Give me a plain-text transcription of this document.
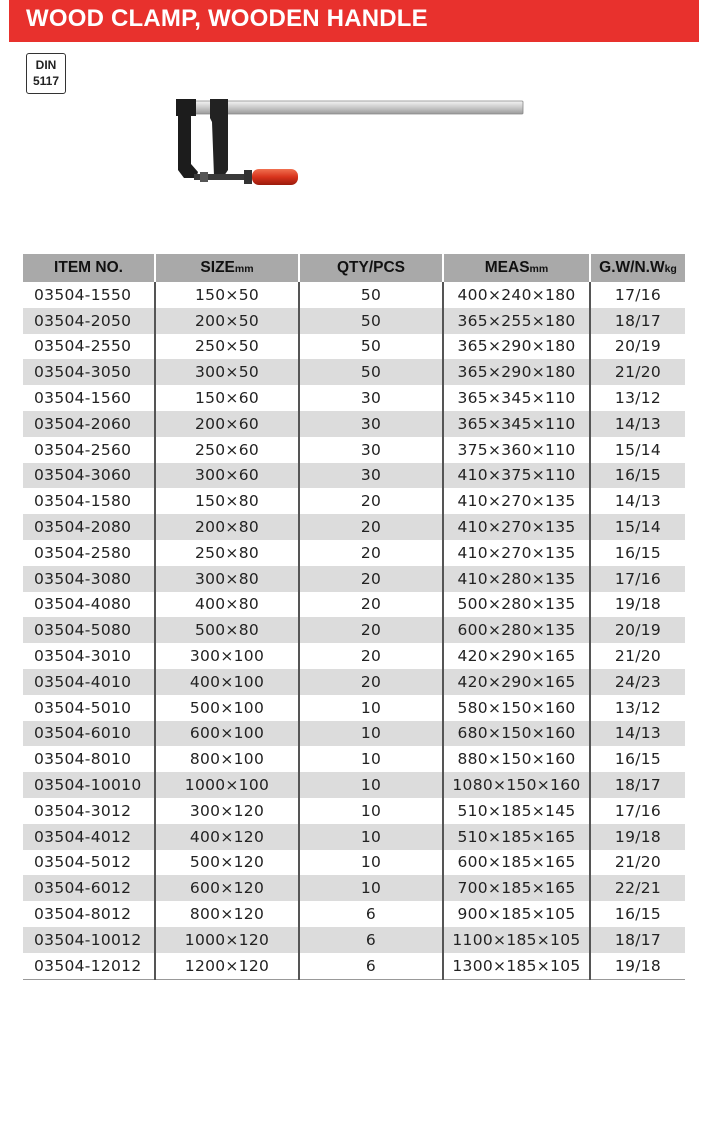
WOOD CLAMP, WOODEN HANDLE
DIN
5117
ITEM NO.	SIZEmm	QTY/PCS	MEASmm	G.W/N.Wkg
03504-1550	150×50	50	400×240×180	17/16
03504-2050	200×50	50	365×255×180	18/17
03504-2550	250×50	50	365×290×180	20/19
03504-3050	300×50	50	365×290×180	21/20
03504-1560	150×60	30	365×345×110	13/12
03504-2060	200×60	30	365×345×110	14/13
03504-2560	250×60	30	375×360×110	15/14
03504-3060	300×60	30	410×375×110	16/15
03504-1580	150×80	20	410×270×135	14/13
03504-2080	200×80	20	410×270×135	15/14
03504-2580	250×80	20	410×270×135	16/15
03504-3080	300×80	20	410×280×135	17/16
03504-4080	400×80	20	500×280×135	19/18
03504-5080	500×80	20	600×280×135	20/19
03504-3010	300×100	20	420×290×165	21/20
03504-4010	400×100	20	420×290×165	24/23
03504-5010	500×100	10	580×150×160	13/12
03504-6010	600×100	10	680×150×160	14/13
03504-8010	800×100	10	880×150×160	16/15
03504-10010	1000×100	10	1080×150×160	18/17
03504-3012	300×120	10	510×185×145	17/16
03504-4012	400×120	10	510×185×165	19/18
03504-5012	500×120	10	600×185×165	21/20
03504-6012	600×120	10	700×185×165	22/21
03504-8012	800×120	6	900×185×105	16/15
03504-10012	1000×120	6	1100×185×105	18/17
03504-12012	1200×120	6	1300×185×105	19/18
